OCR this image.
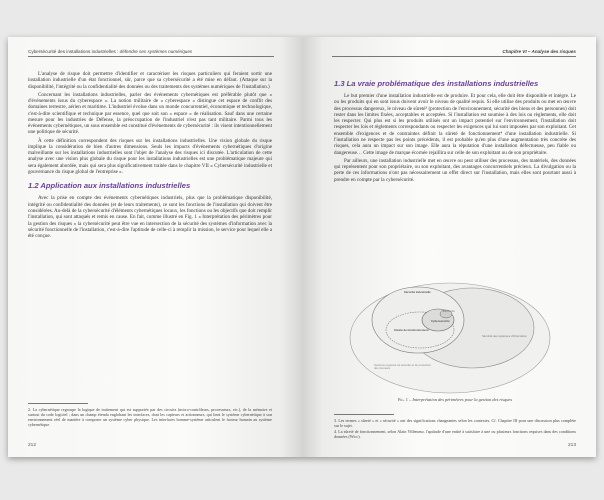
Cybersécurité des installations industrielles : défendre ses systèmes numériques

L'analyse de risque doit permettre d'identifier et caractériser les risques particuliers qui feraient sortir une installation industrielle d'un état fonctionnel, sûr, parce que sa cybersécurité a été mise en défaut. (Attaque sur la disponibilité, l'intégrité ou la confidentialité des données ou des traitements des systèmes numériques de l'installation.)

Concernant les installations industrielles, parler des événements cybernétiques est préférable plutôt que « d'événements issus du cyberespace ». La notion militaire de « cyberespace » distingue cet espace de conflit des domaines terrestre, aérien et maritime. L'industriel évolue dans un monde concurrentiel, économique et technologique, c'est-à-dire scientifique et technique par essence, quel que soit son « espace » de réalisation. Sauf dans une certaine mesure pour les industries de Défense, la préoccupation de l'industriel n'est pas tant militaire. Parmi tous les événements cybernétiques, un sous ensemble est constitué d'événements de cybersécurité : ils visent intentionnellement une politique de sécurité.

À cette définition correspondent des risques sur les installations industrielles. Une vision globale du risque implique la considération de bien d'autres dimensions. Seuls les impacts d'événements cybernétiques d'origine malveillante sur les installations industrielles sont l'objet de l'analyse des risques ici discutée. L'articulation de cette analyse avec une vision plus globale du risque pour les installations industrielles est une problématique majeure qui sera également abordée, mais qui sera plus significativement traitée dans le chapitre VII « Cybersécurité industrielle et gouvernance du risque global de l'entreprise ».

1.2 Application aux installations industrielles

Avec la prise en compte des événements cybernétiques industriels, plus que la problématique disponibilité, intégrité ou confidentialité des données (et de leurs traitements), ce sont les fonctions de l'installation qui doivent être considérées. Au-delà de la cybersécurité d'éléments cybernétiques locaux, les fonctions ou les objectifs que doit remplir l'installation, qui sont attaqués et remis en cause. En fait, comme illustré en Fig. 1 « Interprétation des périmètres pour la gestion des risques » la cybersécurité peut être vue en intersection de la sécurité des systèmes d'information avec la sécurité fonctionnelle de l'installation, c'est-à-dire l'aptitude de celle-ci à remplir la mission, le service pour lequel elle a été conçue.

2. La cybernétique regroupe la logique de traitement qui est supportée par des circuits (micro-contrôleurs, processeurs, etc.), de la mémoire et surtout du code logiciel ; dans un champ étendu englobant les interfaces, dont les capteurs et actionneurs, qui lient le système cybernétique à son environnement réel de manière à composer un système cyber physique. Les interfaces homme-système articulent le facteur humain au système cybernétique.

212
Chapitre VI – Analyse des risques
1.3 La vraie problématique des installations industrielles

Le but premier d'une installation industrielle est de produire. Et pour cela, elle doit être disponible et intègre. Le ou les produits qui en sont issus doivent avoir le niveau de qualité requis. Si elle utilise des produits ou met en œuvre des processus dangereux, le niveau de sûreté³ (protection de l'environnement, sécurité des biens et des personnes) doit rester dans les limites fixées, acceptables et acceptées. Si l'installation est soumise à des lois ou règlements, elle doit les respecter. Qui plus est si les produits utilisés ont un impact potentiel sur l'environnement, l'installation doit respecter les lois et règlements correspondants ou respecter les exigences qui lui sont imposées par son exploitant. Cet ensemble d'exigences et de contraintes définit la sûreté de fonctionnement⁴ d'une installation industrielle. Si l'installation ne respecte pas les points précédents, il est probable qu'en plus d'une augmentation très concrète des risques, cela aura un impact sur son image. Elle aura la réputation d'une installation défectueuse, peu fiable ou dangereuse… Cette image de marque écornée rejaillira sur celle de son exploitant ou de son propriétaire.

Par ailleurs, une installation industrielle met en œuvre ou peut utiliser des processus, des matériels, des données qui représentent pour son propriétaire, ou son exploitant, des avantages concurrentiels précieux. La divulgation ou la perte de ces informations n'ont pas nécessairement un effet direct sur l'installation, mais elles sont pourtant aussi à prendre en compte par la cybersécurité.

Sécurité industrielle
Sûreté de fonctionnement
Cybersécurité
Éléments
Sécurité des systèmes d'information
Système organisé de sécurité et de protection des données
Fig. 1 – Interprétation des périmètres pour la gestion des risques

3. Les termes « sûreté » et « sécurité » ont des significations changeantes selon les contextes. Cf. Chapitre III pour une discussion plus complète sur le sujet.

4. La sûreté de fonctionnement, selon Alain Villemeur, l'aptitude d'une entité à satisfaire à une ou plusieurs fonctions requises dans des conditions données (Wicc).

213
